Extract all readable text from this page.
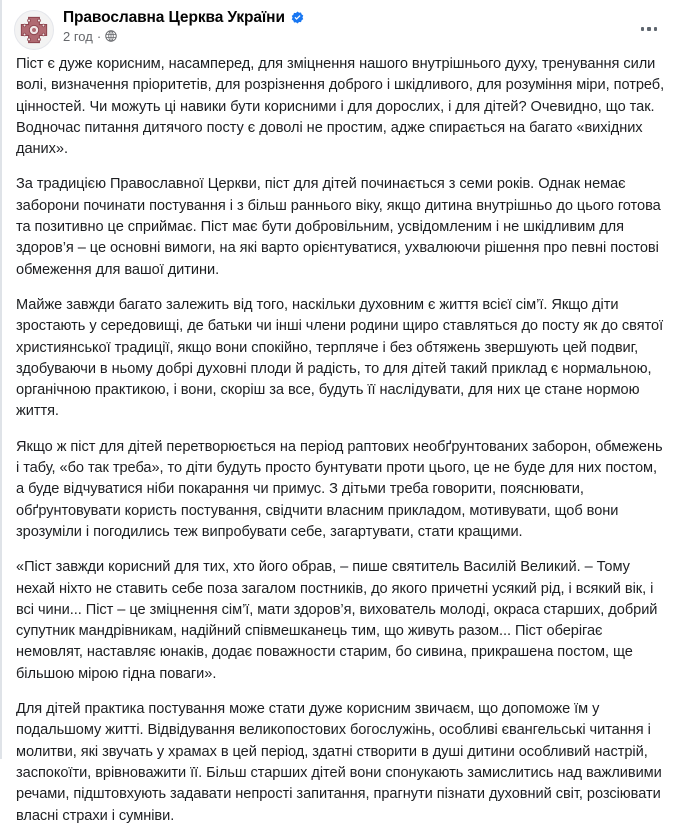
Православна Церква України
2 год ·

Піст є дуже корисним, насамперед, для зміцнення нашого внутрішнього духу, тренування сили волі, визначення пріоритетів, для розрізнення доброго і шкідливого, для розуміння міри, потреб, цінностей. Чи можуть ці навики бути корисними і для дорослих, і для дітей? Очевидно, що так. Водночас питання дитячого посту є доволі не простим, адже спирається на багато «вихідних даних».

За традицією Православної Церкви, піст для дітей починається з семи років. Однак немає заборони починати постування і з більш раннього віку, якщо дитина внутрішньо до цього готова та позитивно це сприймає. Піст має бути добровільним, усвідомленим і не шкідливим для здоров’я – це основні вимоги, на які варто орієнтуватися, ухвалюючи рішення про певні постові обмеження для вашої дитини.

Майже завжди багато залежить від того, наскільки духовним є життя всієї сім’ї. Якщо діти зростають у середовищі, де батьки чи інші члени родини щиро ставляться до посту як до святої християнської традиції, якщо вони спокійно, терпляче і без обтяжень звершують цей подвиг, здобуваючи в ньому добрі духовні плоди й радість, то для дітей такий приклад є нормальною, органічною практикою, і вони, скоріш за все, будуть її наслідувати, для них це стане нормою життя.

Якщо ж піст для дітей перетворюється на період раптових необґрунтованих заборон, обмежень і табу, «бо так треба», то діти будуть просто бунтувати проти цього, це не буде для них постом, а буде відчуватися ніби покарання чи примус. З дітьми треба говорити, пояснювати, обґрунтовувати користь постування, свідчити власним прикладом, мотивувати, щоб вони зрозуміли і погодились теж випробувати себе, загартувати, стати кращими.

«Піст завжди корисний для тих, хто його обрав, – пише святитель Василій Великий. – Тому нехай ніхто не ставить себе поза загалом постників, до якого причетні усякий рід, і всякий вік, і всі чини... Піст – це зміцнення сім’ї, мати здоров’я, вихователь молоді, окраса старших, добрий супутник мандрівникам, надійний співмешканець тим, що живуть разом... Піст оберігає немовлят, наставляє юнаків, додає поважности старим, бо сивина, прикрашена постом, ще більшою мірою гідна поваги».

Для дітей практика постування може стати дуже корисним звичаєм, що допоможе їм у подальшому житті. Відвідування великопостових богослужінь, особливі євангельські читання і молитви, які звучать у храмах в цей період, здатні створити в душі дитини особливий настрій, заспокоїти, врівноважити її. Більш старших дітей вони спонукають замислитись над важливими речами, підштовхують задавати непрості запитання, прагнути пізнати духовний світ, розсіювати власні страхи і сумніви.
